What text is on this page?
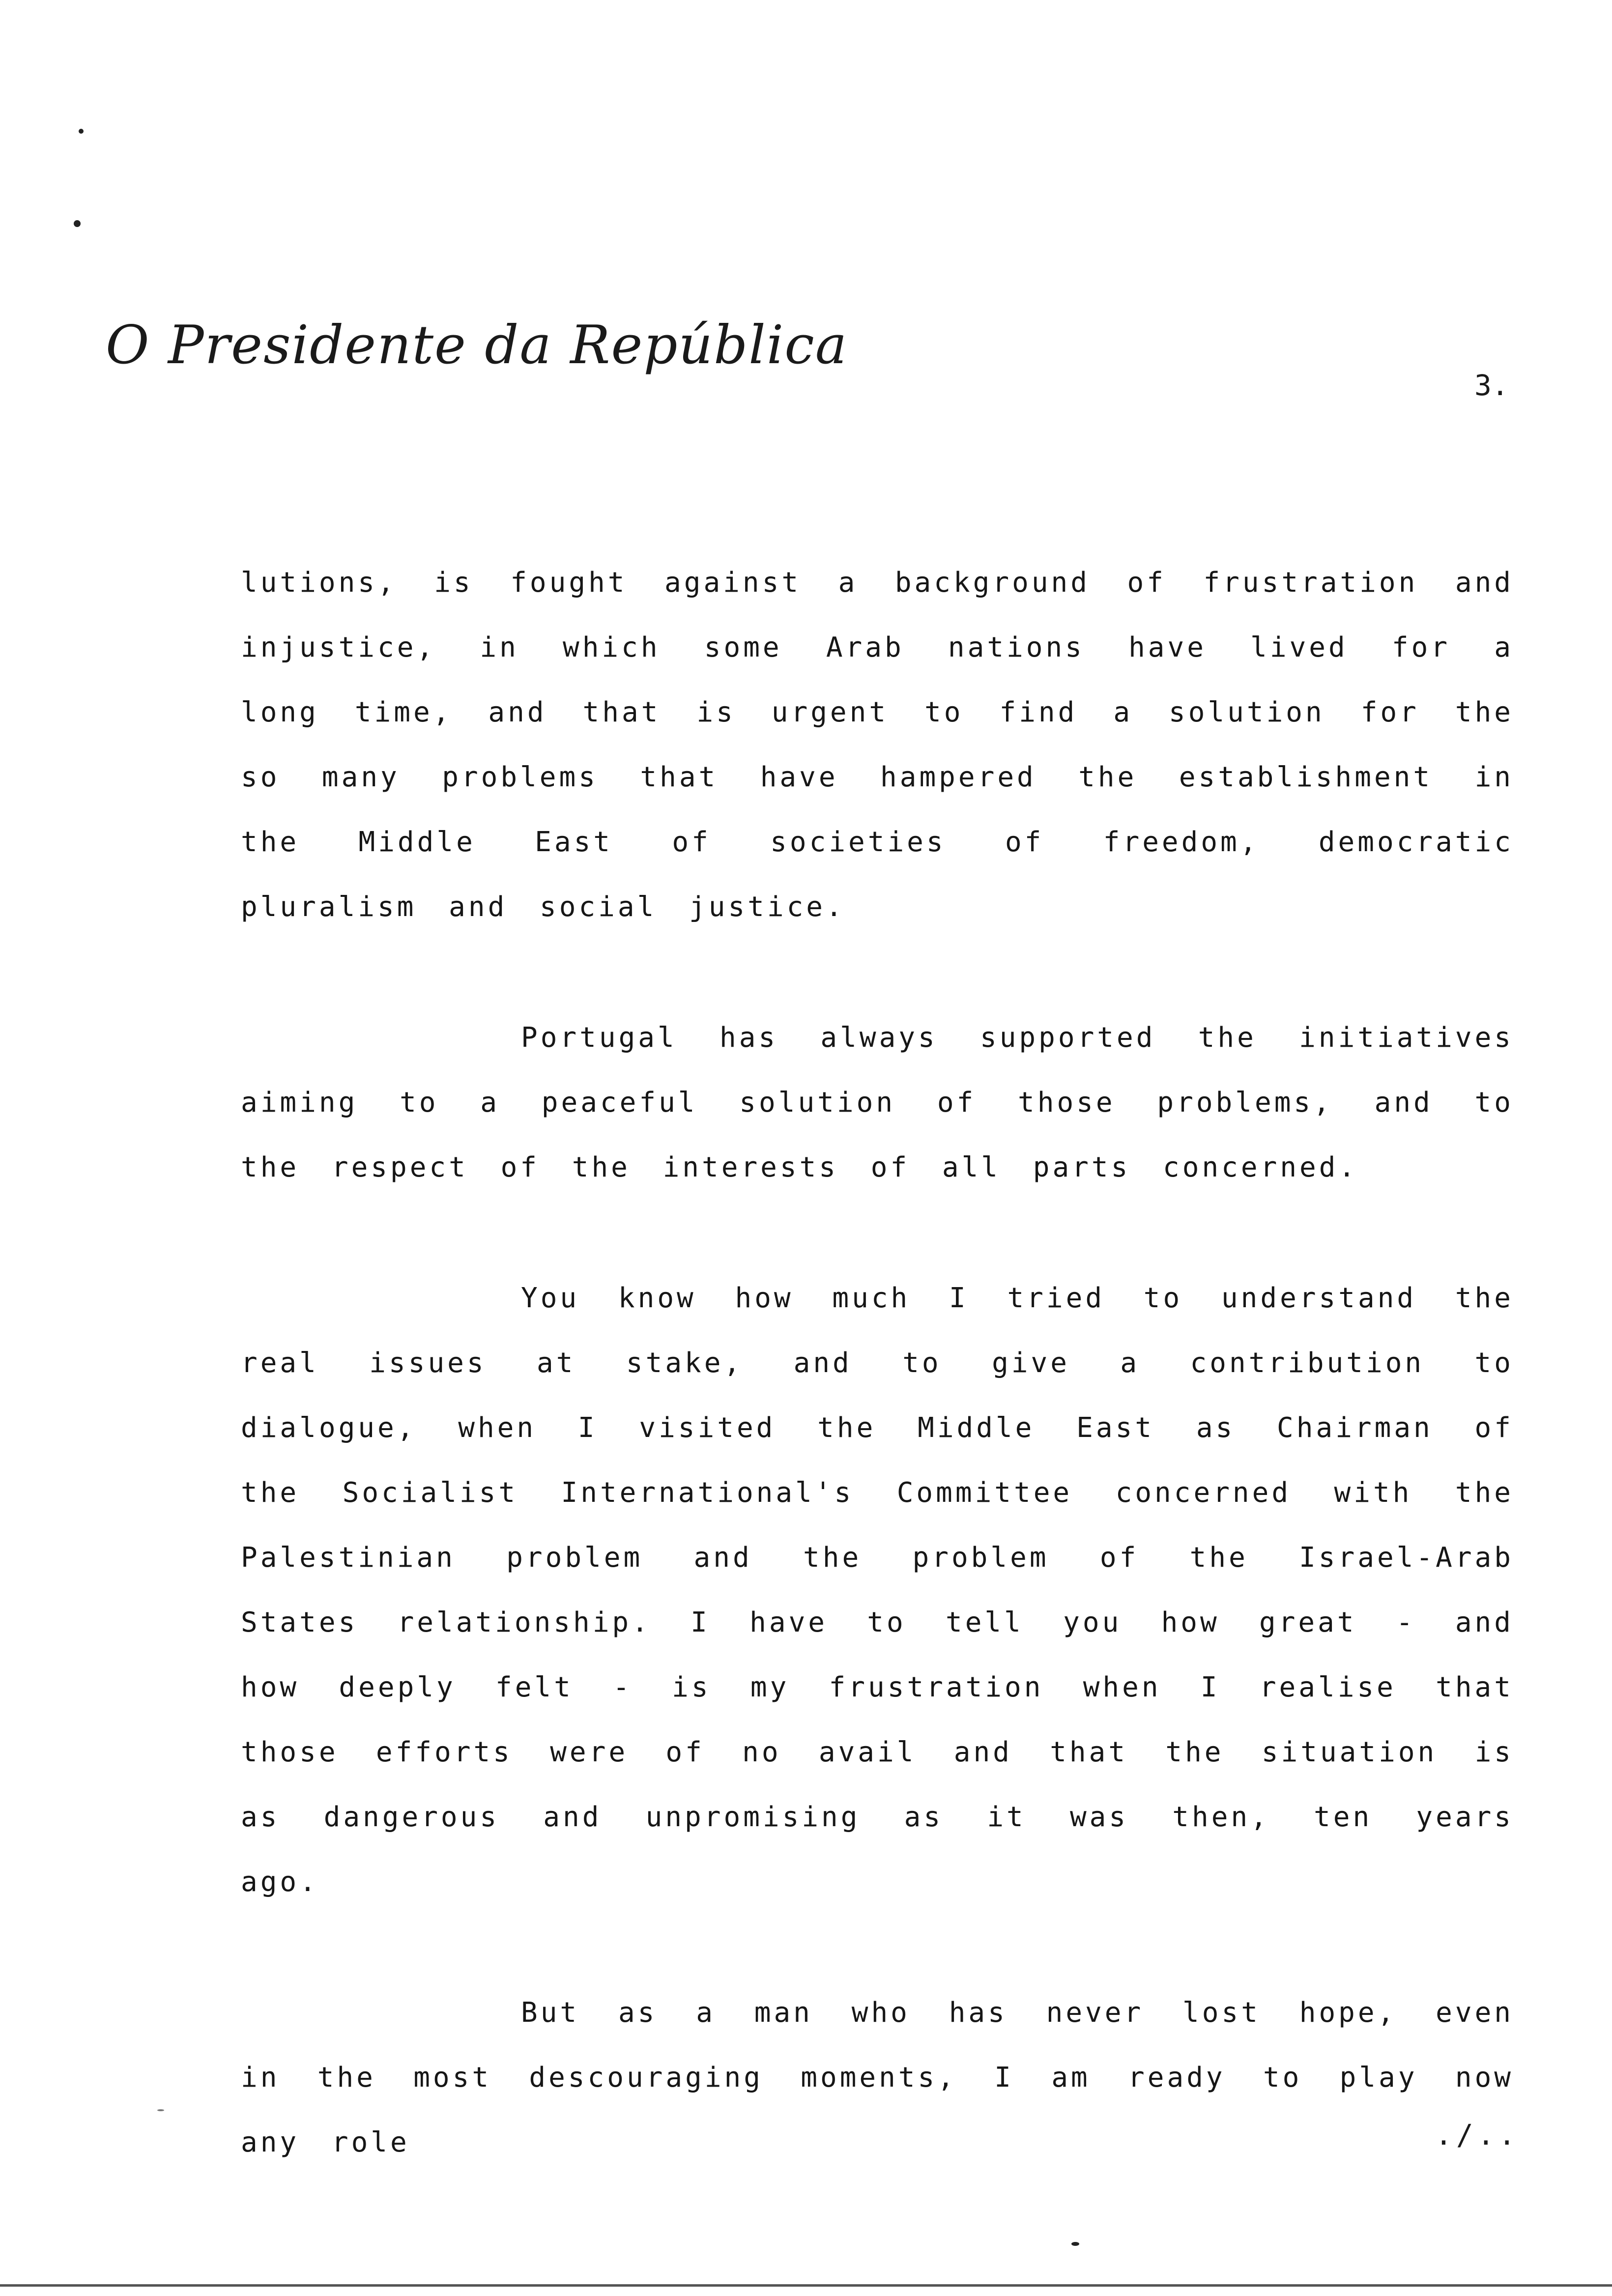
O Presidente da República
3.

lutions, is fought against a background of frustration and injustice, in which some Arab nations have lived for a long time, and that is urgent to find a solution for the so many problems that have hampered the establishment in the Middle East of societies of freedom, democratic pluralism and social justice.

Portugal has always supported the initiatives aiming to a peaceful solution of those problems, and to the respect of the interests of all parts concerned.

You know how much I tried to understand the real issues at stake, and to give a contribution to dialogue, when I visited the Middle East as Chairman of the Socialist International's Committee concerned with the Palestinian problem and the problem of the Israel-Arab States relationship. I have to tell you how great - and how deeply felt - is my frustration when I realise that those efforts were of no avail and that the situation is as dangerous and unpromising as it was then, ten years ago.

But as a man who has never lost hope, even in the most descouraging moments, I am ready to play now any role	./..
